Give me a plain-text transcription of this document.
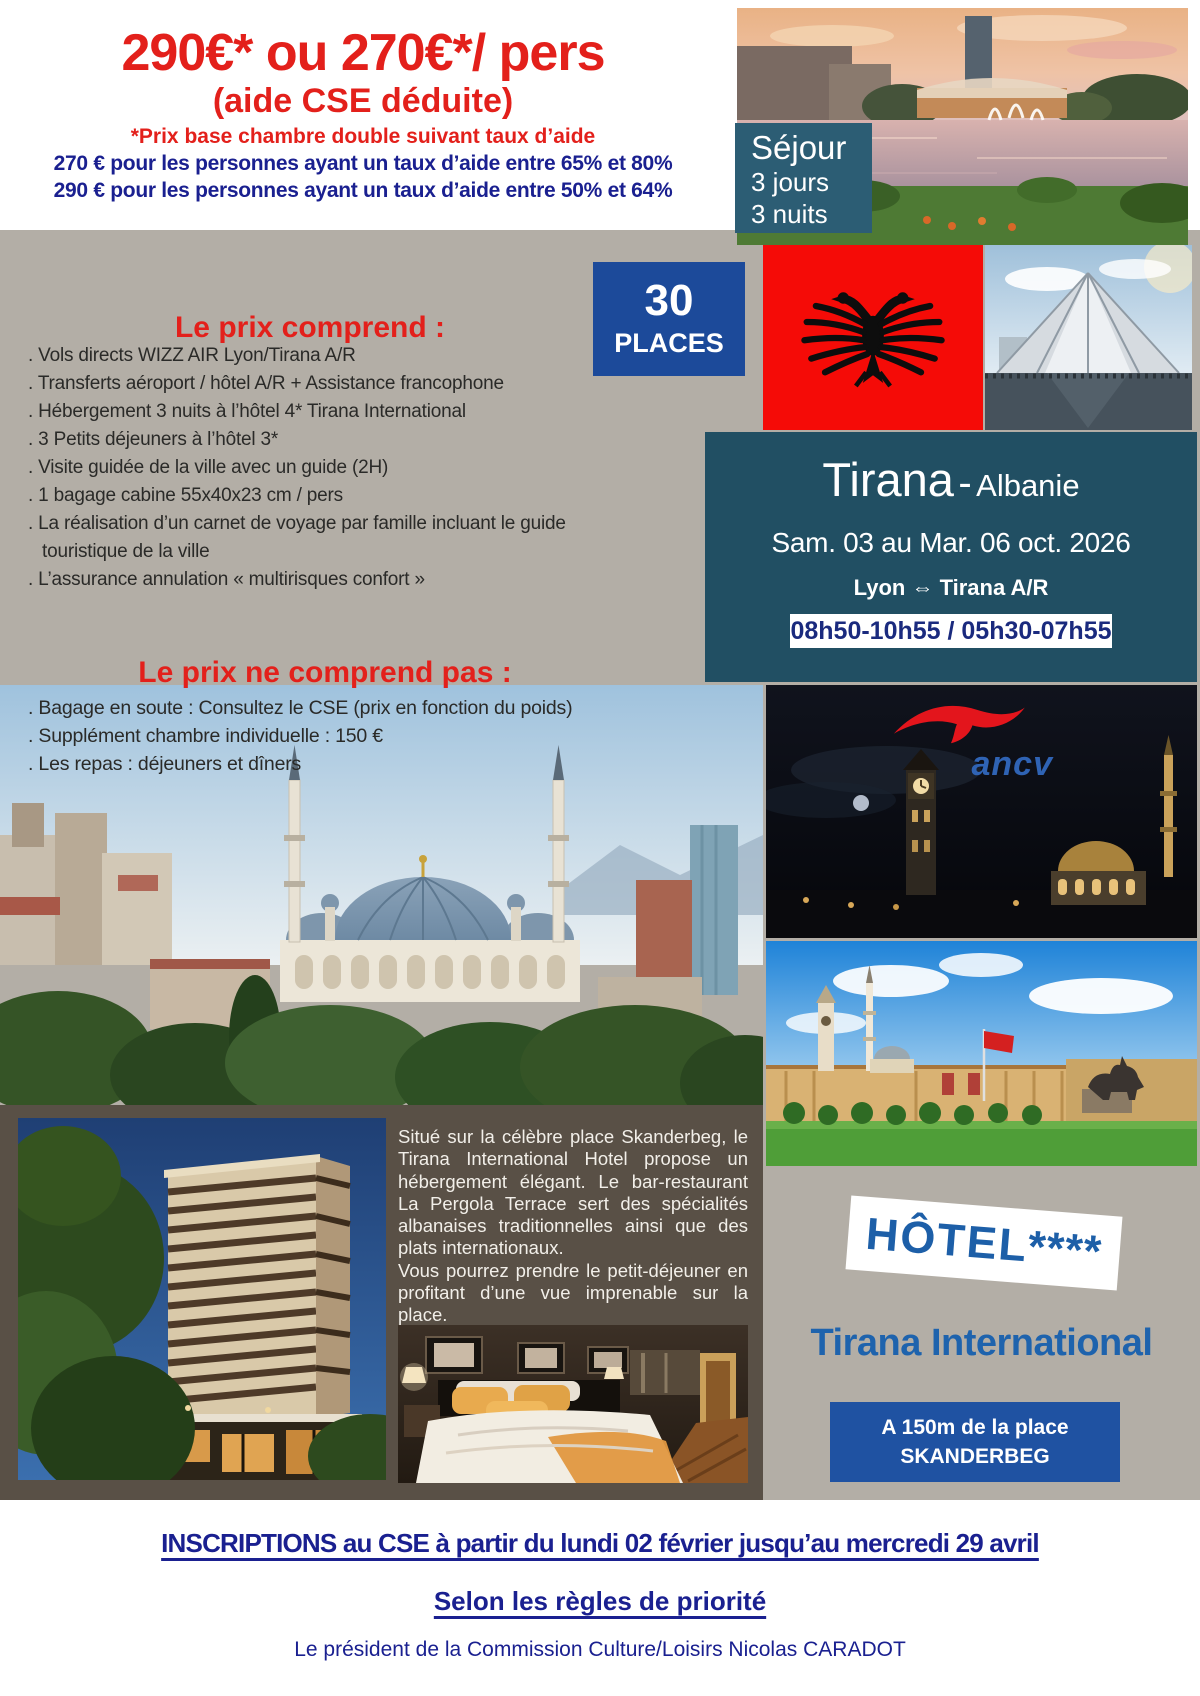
290€* ou 270€*/ pers
(aide CSE déduite)
*Prix base chambre double suivant taux d’aide
270 € pour les personnes ayant un taux d’aide entre 65% et 80%
290 € pour les personnes ayant un taux d’aide entre 50% et 64%
Séjour
3 jours
3 nuits
30
PLACES
Tirana - Albanie
Sam. 03 au Mar. 06 oct. 2026
Lyon ⇔ Tirana A/R
08h50-10h55 / 05h30-07h55
Le prix comprend :
. Vols directs WIZZ AIR Lyon/Tirana A/R
. Transferts aéroport / hôtel A/R + Assistance francophone
. Hébergement 3 nuits à l’hôtel 4* Tirana International
. 3 Petits déjeuners à l’hôtel 3*
. Visite guidée de la ville avec un guide (2H)
. 1 bagage cabine 55x40x23 cm / pers
. La réalisation d’un carnet de voyage par famille incluant le guide touristique de la ville
. L’assurance annulation « multirisques confort »
Le prix ne comprend pas :
. Bagage en soute : Consultez le CSE (prix en fonction du poids)
. Supplément chambre individuelle : 150 €
. Les repas : déjeuners et dîners	ancv

Situé sur la célèbre place Skanderbeg, le Tirana International Hotel propose un hébergement élégant. Le bar-restaurant La Pergola Terrace sert des spécialités albanaises traditionnelles ainsi que des plats internationaux.

Vous pourrez prendre le petit-déjeuner en profitant d’une vue imprenable sur la place.

HÔTEL
****
Tirana International
A 150m de la place
SKANDERBEG
INSCRIPTIONS au CSE à partir du lundi 02 février jusqu’au mercredi 29 avril
Selon les règles de priorité
Le président de la Commission Culture/Loisirs Nicolas CARADOT
